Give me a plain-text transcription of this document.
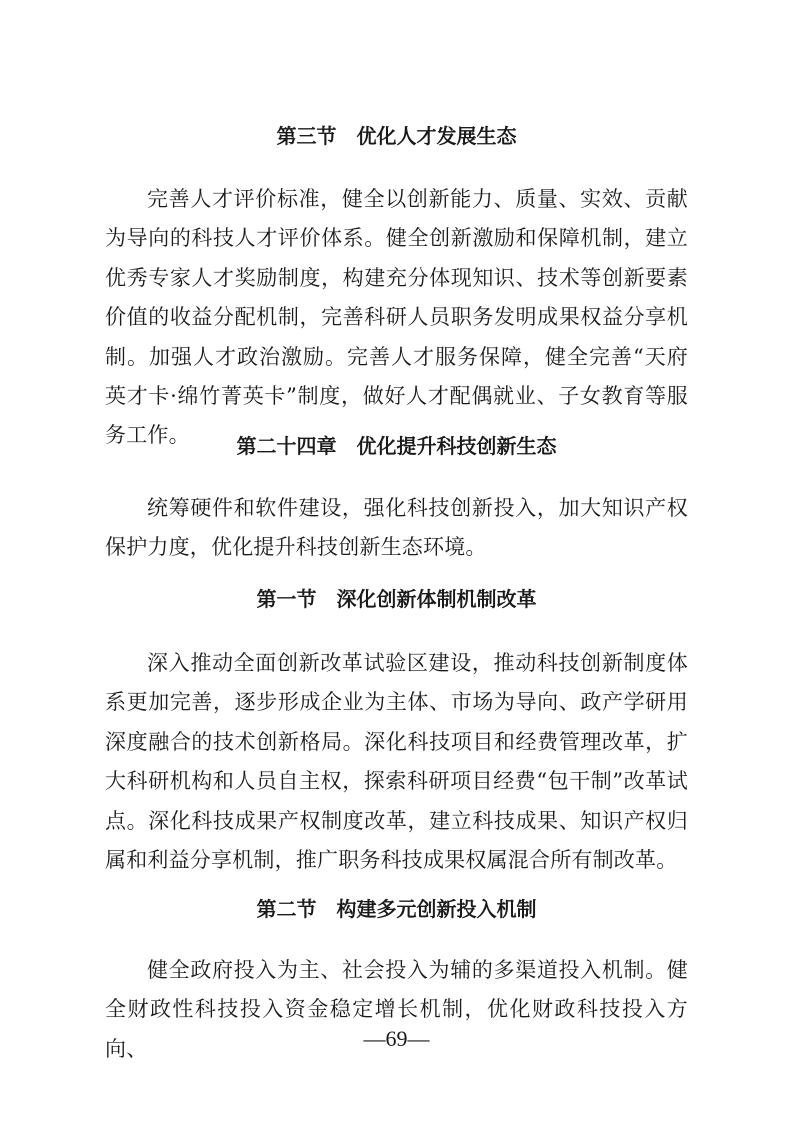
第三节　优化人才发展生态
完善人才评价标准，健全以创新能力、质量、实效、贡献为导向的科技人才评价体系。健全创新激励和保障机制，建立优秀专家人才奖励制度，构建充分体现知识、技术等创新要素价值的收益分配机制，完善科研人员职务发明成果权益分享机制。加强人才政治激励。完善人才服务保障，健全完善“天府英才卡·绵竹菁英卡”制度，做好人才配偶就业、子女教育等服务工作。	第二十四章　优化提升科技创新生态
统筹硬件和软件建设，强化科技创新投入，加大知识产权保护力度，优化提升科技创新生态环境。
第一节　深化创新体制机制改革
深入推动全面创新改革试验区建设，推动科技创新制度体系更加完善，逐步形成企业为主体、市场为导向、政产学研用深度融合的技术创新格局。深化科技项目和经费管理改革，扩大科研机构和人员自主权，探索科研项目经费“包干制”改革试点。深化科技成果产权制度改革，建立科技成果、知识产权归属和利益分享机制，推广职务科技成果权属混合所有制改革。
第二节　构建多元创新投入机制
健全政府投入为主、社会投入为辅的多渠道投入机制。健全财政性科技投入资金稳定增长机制，优化财政科技投入方向、	—69—
